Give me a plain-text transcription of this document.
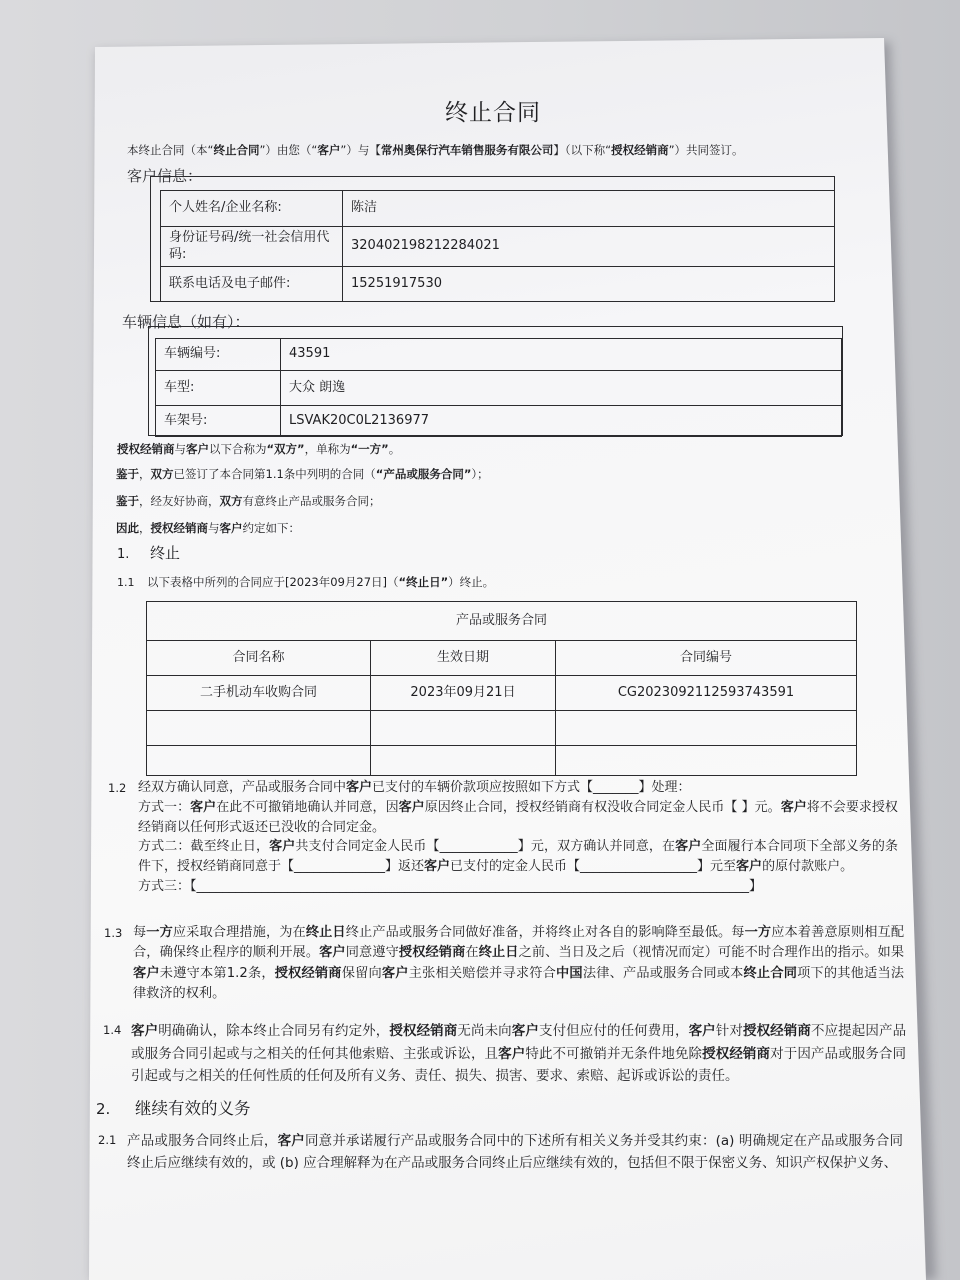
终止合同
本终止合同（本“终止合同”）由您（“客户”）与【常州奥保行汽车销售服务有限公司】（以下称“授权经销商”）共同签订。
客户信息：
个人姓名/企业名称:	陈洁
身份证号码/统一社会信用代码:	320402198212284021
联系电话及电子邮件:	15251917530
车辆信息（如有）：
车辆编号:	43591
车型:	大众 朗逸
车架号:	LSVAK20C0L2136977
授权经销商与客户以下合称为“双方”，单称为“一方”。
鉴于，双方已签订了本合同第1.1条中列明的合同（“产品或服务合同”）；
鉴于，经友好协商，双方有意终止产品或服务合同；
因此，授权经销商与客户约定如下：
1. 终止
1.1 以下表格中所列的合同应于[2023年09月27日]（“终止日”）终止。
产品或服务合同		
合同名称	生效日期	合同编号
二手机动车收购合同	2023年09月21日	CG2023092112593743591

1.2 经双方确认同意，产品或服务合同中客户已支付的车辆价款项应按照如下方式【_______】处理：
方式一：客户在此不可撤销地确认并同意，因客户原因终止合同，授权经销商有权没收合同定金人民币【 】元。客户将不会要求授权经销商以任何形式返还已没收的合同定金。
方式二：截至终止日，客户共支付合同定金人民币【____________】元，双方确认并同意，在客户全面履行本合同项下全部义务的条件下，授权经销商同意于【______________】返还客户已支付的定金人民币【__________________】元至客户的原付款账户。
方式三：【_____________________________________________________________________________________】
1.3 每一方应采取合理措施，为在终止日终止产品或服务合同做好准备，并将终止对各自的影响降至最低。每一方应本着善意原则相互配合，确保终止程序的顺利开展。客户同意遵守授权经销商在终止日之前、当日及之后（视情况而定）可能不时合理作出的指示。如果客户未遵守本第1.2条，授权经销商保留向客户主张相关赔偿并寻求符合中国法律、产品或服务合同或本终止合同项下的其他适当法律救济的权利。
1.4 客户明确确认，除本终止合同另有约定外，授权经销商无尚未向客户支付但应付的任何费用，客户针对授权经销商不应提起因产品或服务合同引起或与之相关的任何其他索赔、主张或诉讼，且客户特此不可撤销并无条件地免除授权经销商对于因产品或服务合同引起或与之相关的任何性质的任何及所有义务、责任、损失、损害、要求、索赔、起诉或诉讼的责任。
2. 继续有效的义务
2.1 产品或服务合同终止后，客户同意并承诺履行产品或服务合同中的下述所有相关义务并受其约束：(a) 明确规定在产品或服务合同终止后应继续有效的，或 (b) 应合理解释为在产品或服务合同终止后应继续有效的，包括但不限于保密义务、知识产权保护义务、
